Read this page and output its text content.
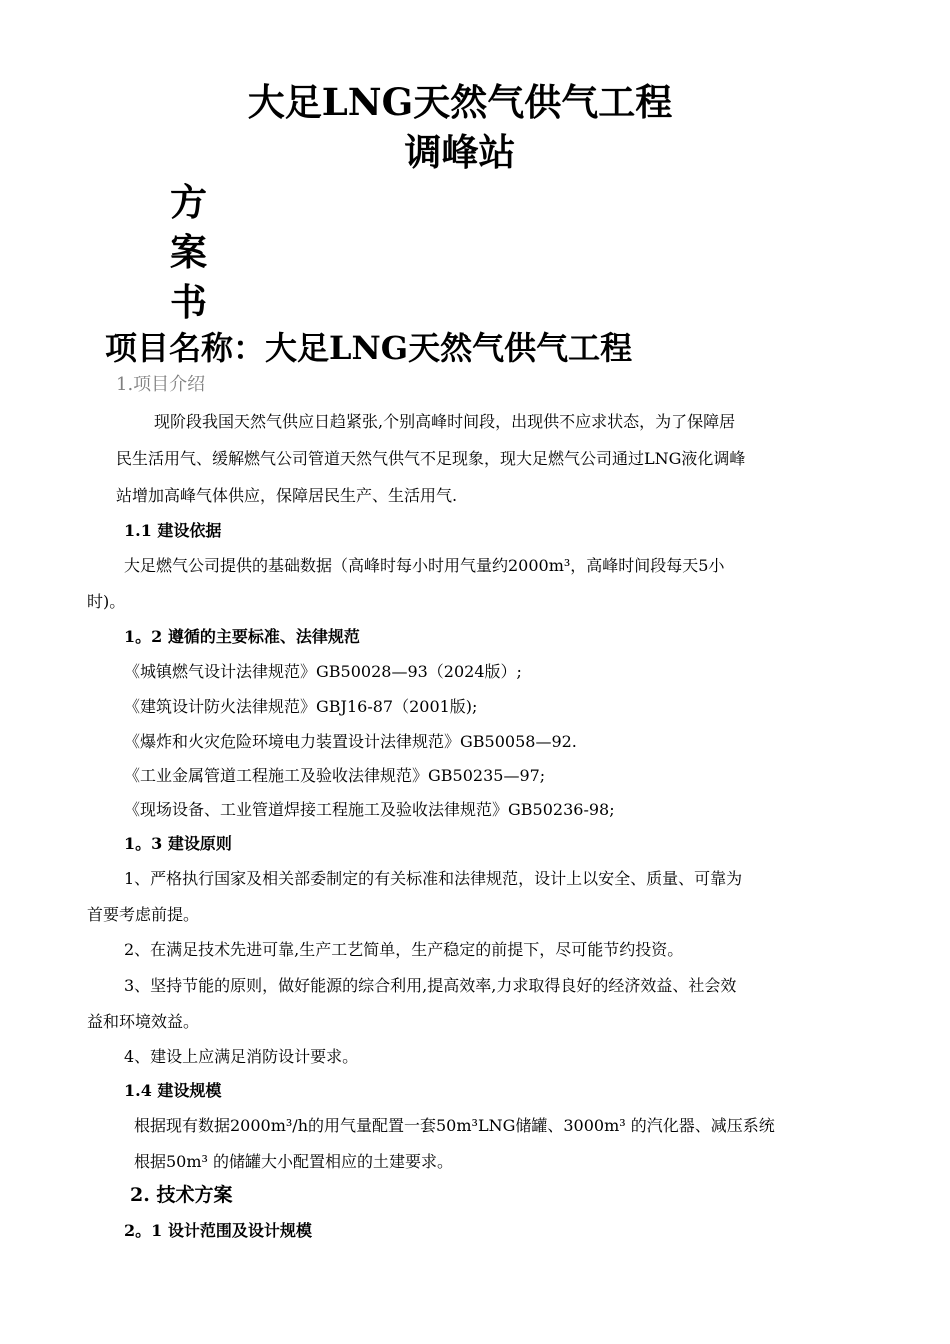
大足LNG天然气供气工程
调峰站
方
案
书
项目名称：大足LNG天然气供气工程
1.项目介绍
现阶段我国天然气供应日趋紧张,个别高峰时间段，出现供不应求状态，为了保障居
民生活用气、缓解燃气公司管道天然气供气不足现象，现大足燃气公司通过LNG液化调峰
站增加高峰气体供应，保障居民生产、生活用气.
1.1 建设依据
大足燃气公司提供的基础数据（高峰时每小时用气量约2000m³，高峰时间段每天5小
时)。
1。2 遵循的主要标准、法律规范
《城镇燃气设计法律规范》GB50028—93（2024版）;
《建筑设计防火法律规范》GBJ16-87（2001版);
《爆炸和火灾危险环境电力装置设计法律规范》GB50058—92.
《工业金属管道工程施工及验收法律规范》GB50235—97;
《现场设备、工业管道焊接工程施工及验收法律规范》GB50236-98;
1。3 建设原则
1、严格执行国家及相关部委制定的有关标准和法律规范，设计上以安全、质量、可靠为
首要考虑前提。
2、在满足技术先进可靠,生产工艺简单，生产稳定的前提下，尽可能节约投资。
3、坚持节能的原则，做好能源的综合利用,提高效率,力求取得良好的经济效益、社会效
益和环境效益。
4、建设上应满足消防设计要求。
1.4 建设规模
根据现有数据2000m³/h的用气量配置一套50m³LNG储罐、3000m³ 的汽化器、减压系统
根据50m³ 的储罐大小配置相应的土建要求。
2. 技术方案
2。1 设计范围及设计规模
